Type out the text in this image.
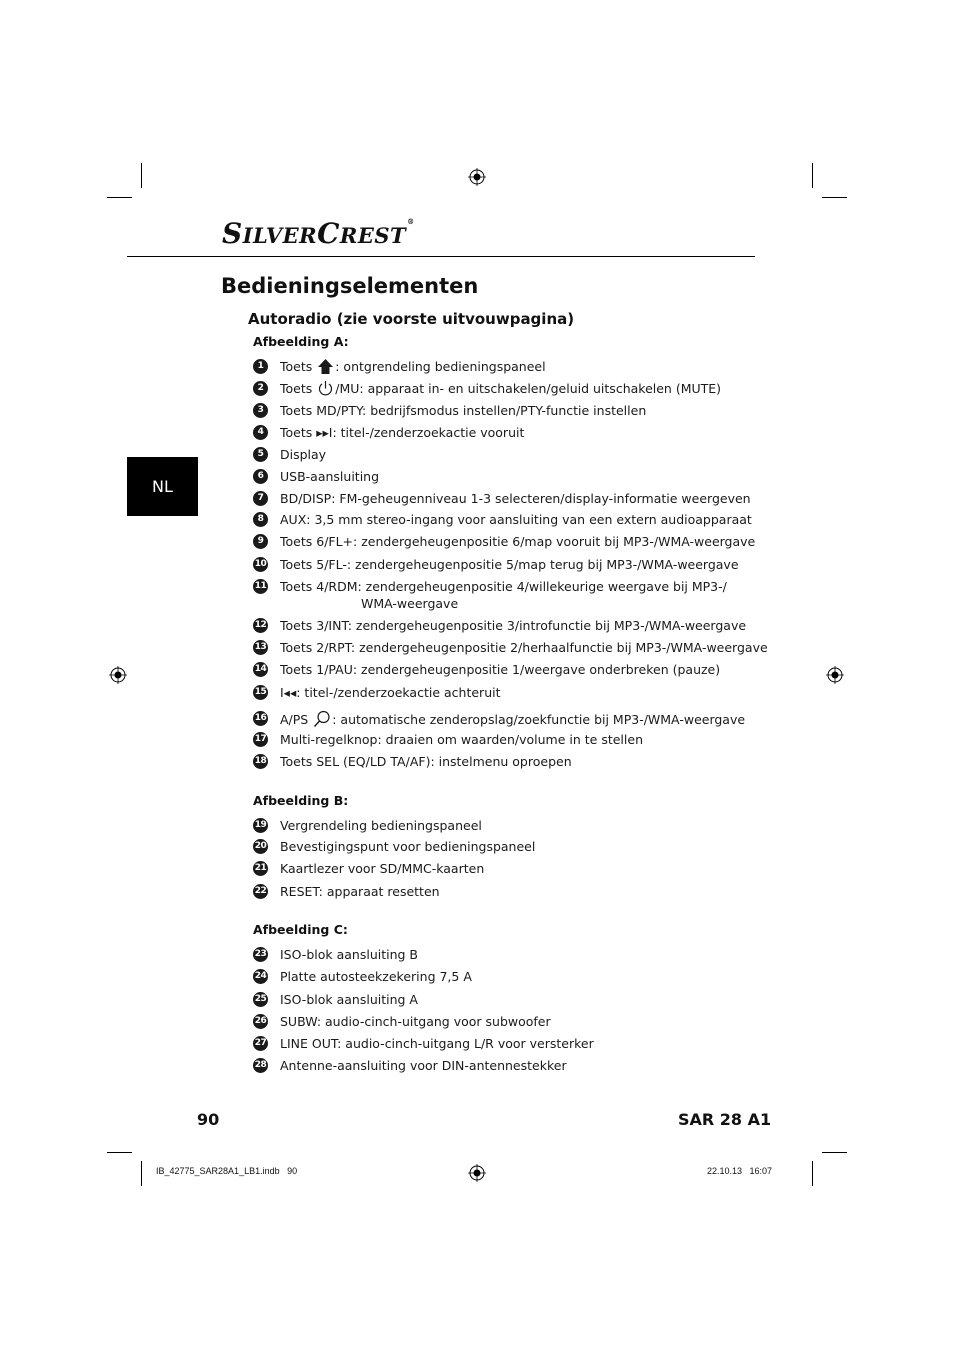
SILVERCREST®
Bedieningselementen
Autoradio (zie voorste uitvouwpagina)
NL

Afbeelding A:

1	Toets : ontgrendeling bedieningspaneel
2	Toets /MU: apparaat in- en uitschakelen/geluid uitschakelen (MUTE)
3	Toets MD/PTY: bedrijfsmodus instellen/PTY-functie instellen
4	Toets ▸▸I: titel-/zenderzoekactie vooruit
5	Display
6	USB-aansluiting
7	BD/DISP: FM-geheugenniveau 1-3 selecteren/display-informatie weergeven
8	AUX: 3,5 mm stereo-ingang voor aansluiting van een extern audioapparaat
9	Toets 6/FL+: zendergeheugenpositie 6/map vooruit bij MP3-/WMA-weergave
10 Toets 5/FL-: zendergeheugenpositie 5/map terug bij MP3-/WMA-weergave
11 Toets 4/RDM: zendergeheugenpositie 4/willekeurige weergave bij MP3-/
WMA-weergave
12 Toets 3/INT: zendergeheugenpositie 3/introfunctie bij MP3-/WMA-weergave
13 Toets 2/RPT: zendergeheugenpositie 2/herhaalfunctie bij MP3-/WMA-weergave
14 Toets 1/PAU: zendergeheugenpositie 1/weergave onderbreken (pauze)
15 I◂◂: titel-/zenderzoekactie achteruit
16 A/PS : automatische zenderopslag/zoekfunctie bij MP3-/WMA-weergave
17 Multi-regelknop: draaien om waarden/volume in te stellen
18 Toets SEL (EQ/LD TA/AF): instelmenu oproepen

Afbeelding B:

19 Vergrendeling bedieningspaneel
20 Bevestigingspunt voor bedieningspaneel
21 Kaartlezer voor SD/MMC-kaarten
22 RESET: apparaat resetten

Afbeelding C:

23 ISO-blok aansluiting B
24 Platte autosteekzekering 7,5 A
25 ISO-blok aansluiting A
26 SUBW: audio-cinch-uitgang voor subwoofer
27 LINE OUT: audio-cinch-uitgang L/R voor versterker
28 Antenne-aansluiting voor DIN-antennestekker
90	SAR 28 A1
IB_42775_SAR28A1_LB1.indb   90	22.10.13   16:07
